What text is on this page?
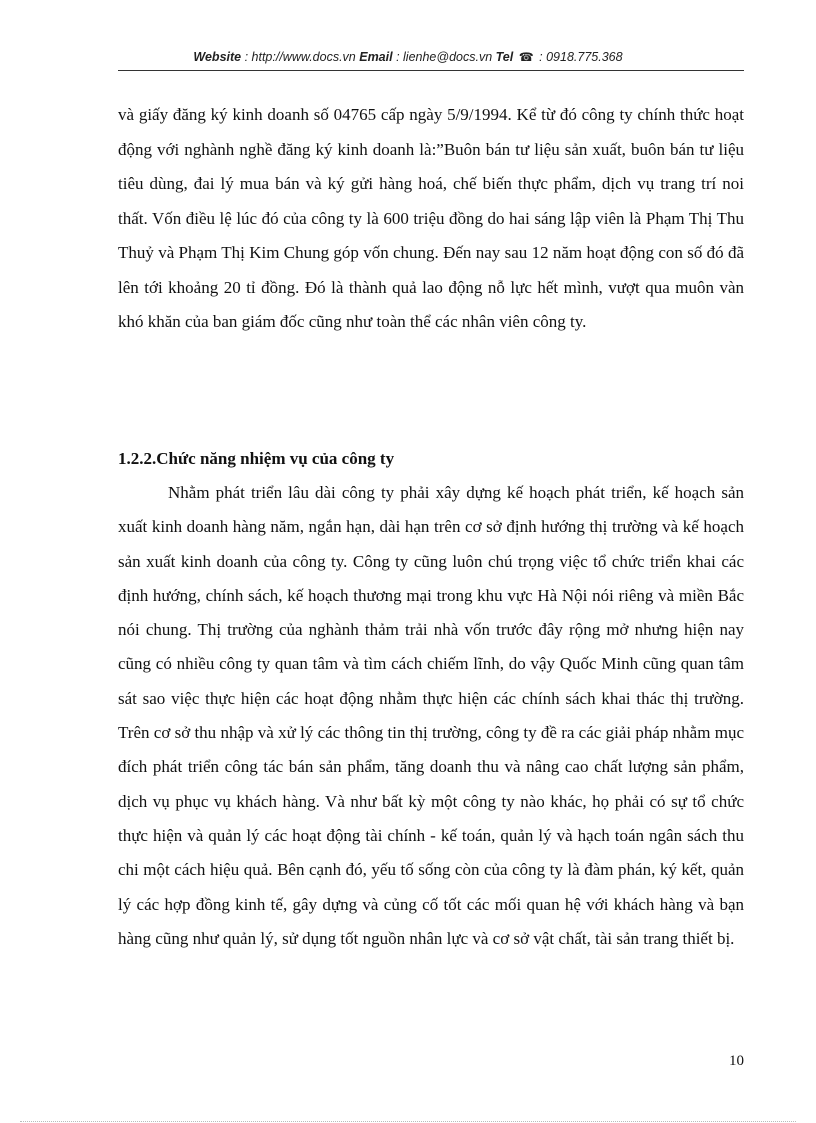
Website : http://www.docs.vn Email : lienhe@docs.vn Tel ☎ : 0918.775.368

và giấy đăng ký kinh doanh số 04765 cấp ngày 5/9/1994. Kể từ đó công ty chính thức hoạt động với nghành nghề đăng ký kinh doanh là:”Buôn bán tư liệu sản xuất, buôn bán tư liệu tiêu dùng, đai lý mua bán và ký gửi hàng hoá, chế biến thực phẩm, dịch vụ trang trí noi thất. Vốn điều lệ lúc đó của công ty là 600 triệu đồng do hai sáng lập viên là Phạm Thị Thu Thuỷ và Phạm Thị Kim Chung góp vốn chung. Đến nay sau 12 năm hoạt động con số đó đã lên tới khoảng 20 tỉ đồng. Đó là thành quả lao động nỗ lực hết mình, vượt qua muôn vàn khó khăn của ban giám đốc cũng như toàn thể các nhân viên công ty.

1.2.2.Chức năng nhiệm vụ của công ty

Nhằm phát triển lâu dài công ty phải xây dựng kế hoạch phát triển, kế hoạch sản xuất kinh doanh hàng năm, ngắn hạn, dài hạn trên cơ sở định hướng thị trường và kế hoạch sản xuất kinh doanh của công ty. Công ty cũng luôn chú trọng việc tổ chức triển khai các định hướng, chính sách, kế hoạch thương mại trong khu vực Hà Nội nói riêng và miền Bắc nói chung. Thị trường của nghành thảm trải nhà vốn trước đây rộng mở nhưng hiện nay cũng có nhiều công ty quan tâm và tìm cách chiếm lĩnh, do vậy Quốc Minh cũng quan tâm sát sao việc thực hiện các hoạt động nhằm thực hiện các chính sách khai thác thị trường. Trên cơ sở thu nhập và xử lý các thông tin thị trường, công ty đề ra các giải pháp nhằm mục đích phát triển công tác bán sản phẩm, tăng doanh thu và nâng cao chất lượng sản phẩm, dịch vụ phục vụ khách hàng. Và như bất kỳ một công ty nào khác, họ phải có sự tổ chức thực hiện và quản lý các hoạt động tài chính - kế toán, quản lý và hạch toán ngân sách thu chi một cách hiệu quả. Bên cạnh đó, yếu tố sống còn của công ty là đàm phán, ký kết, quản lý các hợp đồng kinh tế, gây dựng và củng cố tốt các mối quan hệ với khách hàng và bạn hàng cũng như quản lý, sử dụng tốt nguồn nhân lực và cơ sở vật chất, tài sản trang thiết bị.

10
